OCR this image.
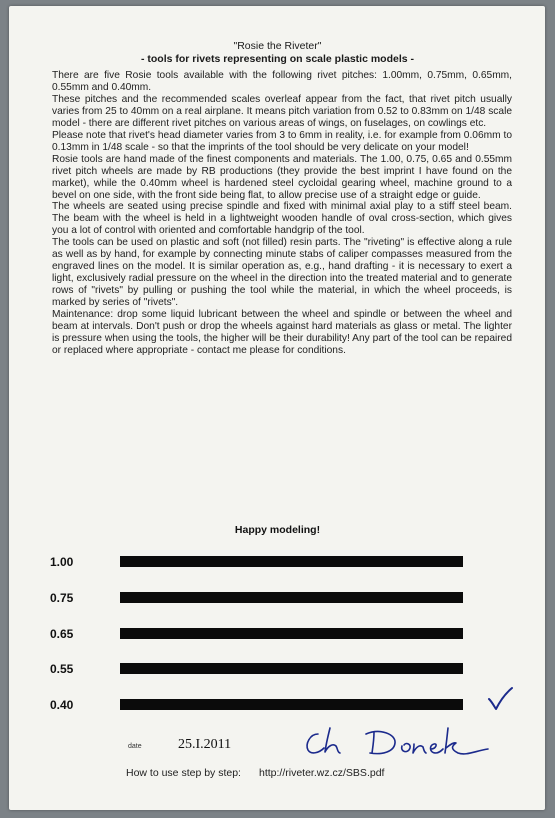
"Rosie the Riveter"
- tools for rivets representing on scale plastic models -

There are five Rosie tools available with the following rivet pitches: 1.00mm, 0.75mm, 0.65mm, 0.55mm and 0.40mm.

These pitches and the recommended scales overleaf appear from the fact, that rivet pitch usually varies from 25 to 40mm on a real airplane. It means pitch variation from 0.52 to 0.83mm on 1/48 scale model - there are different rivet pitches on various areas of wings, on fuselages, on cowlings etc.

Please note that rivet's head diameter varies from 3 to 6mm in reality, i.e. for example from 0.06mm to 0.13mm in 1/48 scale - so that the imprints of the tool should be very delicate on your model!

Rosie tools are hand made of the finest components and materials. The 1.00, 0.75, 0.65 and 0.55mm rivet pitch wheels are made by RB productions (they provide the best imprint I have found on the market), while the 0.40mm wheel is hardened steel cycloidal gearing wheel, machine ground to a bevel on one side, with the front side being flat, to allow precise use of a straight edge or guide.

The wheels are seated using precise spindle and fixed with minimal axial play to a stiff steel beam. The beam with the wheel is held in a lightweight wooden handle of oval cross-section, which gives you a lot of control with oriented and comfortable handgrip of the tool.

The tools can be used on plastic and soft (not filled) resin parts. The "riveting" is effective along a rule as well as by hand, for example by connecting minute stabs of caliper compasses measured from the engraved lines on the model. It is similar operation as, e.g., hand drafting - it is necessary to exert a light, exclusively radial pressure on the wheel in the direction into the treated material and to generate rows of "rivets" by pulling or pushing the tool while the material, in which the wheel proceeds, is marked by series of "rivets".

Maintenance: drop some liquid lubricant between the wheel and spindle or between the wheel and beam at intervals. Don't push or drop the wheels against hard materials as glass or metal. The lighter is pressure when using the tools, the higher will be their durability! Any part of the tool can be repaired or replaced where appropriate - contact me please for conditions.

Happy modeling!
1.00
0.75
0.65
0.55
0.40
date	25.I.2011
How to use step by step: http://riveter.wz.cz/SBS.pdf
